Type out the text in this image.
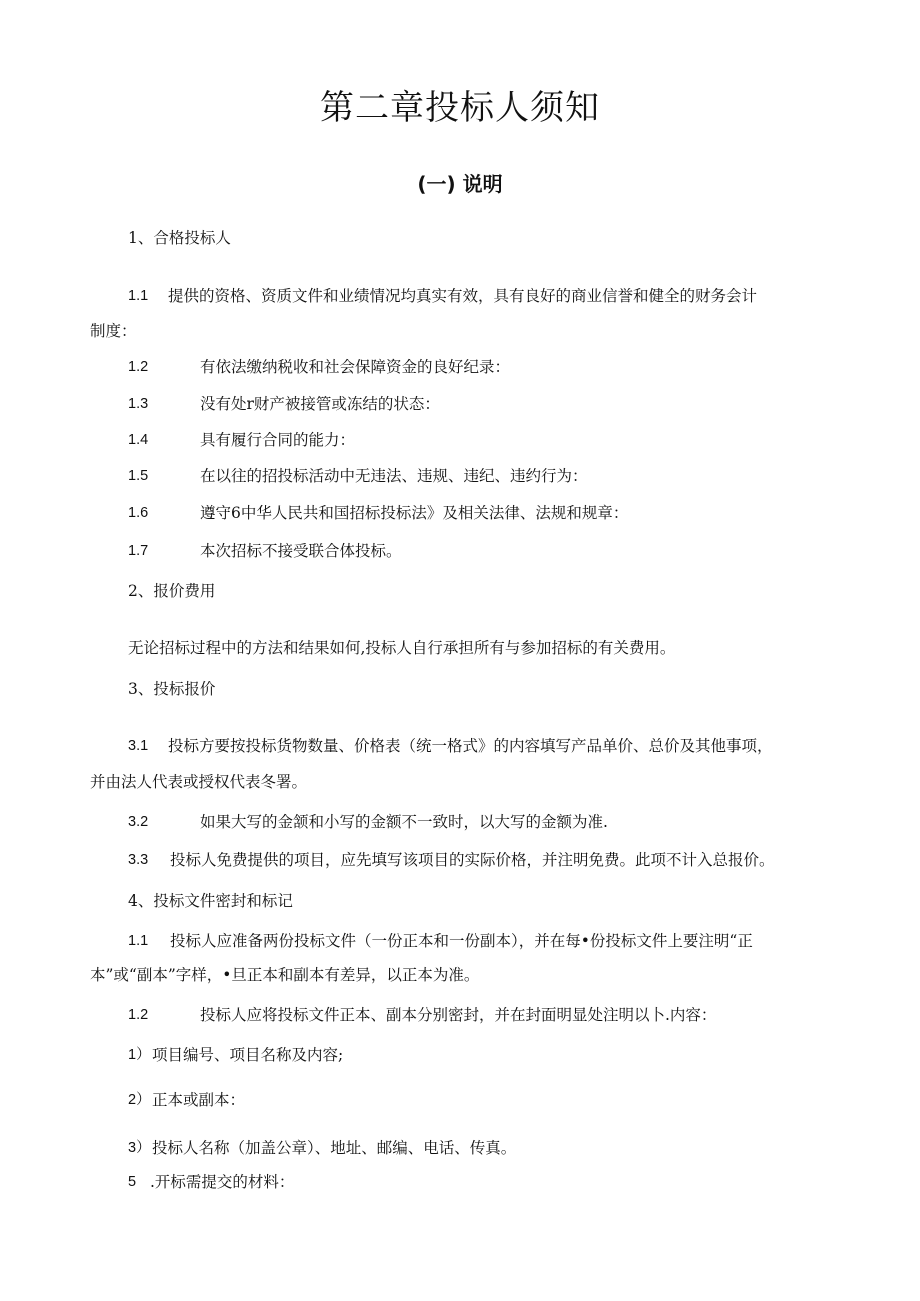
第二章投标人须知
(一) 说明
1、合格投标人
1.1 提供的资格、资质文件和业绩情况均真实有效，具有良好的商业信誉和健全的财务会计
制度：
1.2	有依法缴纳税收和社会保障资金的良好纪录：
1.3	没有处r财产被接管或冻结的状态：
1.4	具有履行合同的能力：
1.5	在以往的招投标活动中无违法、违规、违纪、违约行为：
1.6	遵守6中华人民共和国招标投标法》及相关法律、法规和规章：
1.7	本次招标不接受联合体投标。
2、报价费用
无论招标过程中的方法和结果如何,投标人自行承担所有与参加招标的有关费用。
3、投标报价
3.1 投标方要按投标货物数量、价格表（统一格式》的内容填写产品单价、总价及其他事项，
并由法人代表或授权代表冬署。
3.2	如果大写的金颔和小写的金额不一致时，以大写的金额为准.
3.3 投标人免费提供的项目，应先填写该项目的实际价格，并注明免费。此项不计入总报价。
4、投标文件密封和标记
1.1 投标人应准备两份投标文件（一份正本和一份副本），并在每•份投标文件上要注明“正
本”或“副本”字样，•旦正本和副本有差异，以正本为准。
1.2	投标人应将投标文件正本、副本分别密封，并在封面明显处注明以卜.内容：
1） 项目编号、项目名称及内容;
2） 正本或副本：
3） 投标人名称（加盖公章）、地址、邮编、电话、传真。
5 .开标需提交的材料：
